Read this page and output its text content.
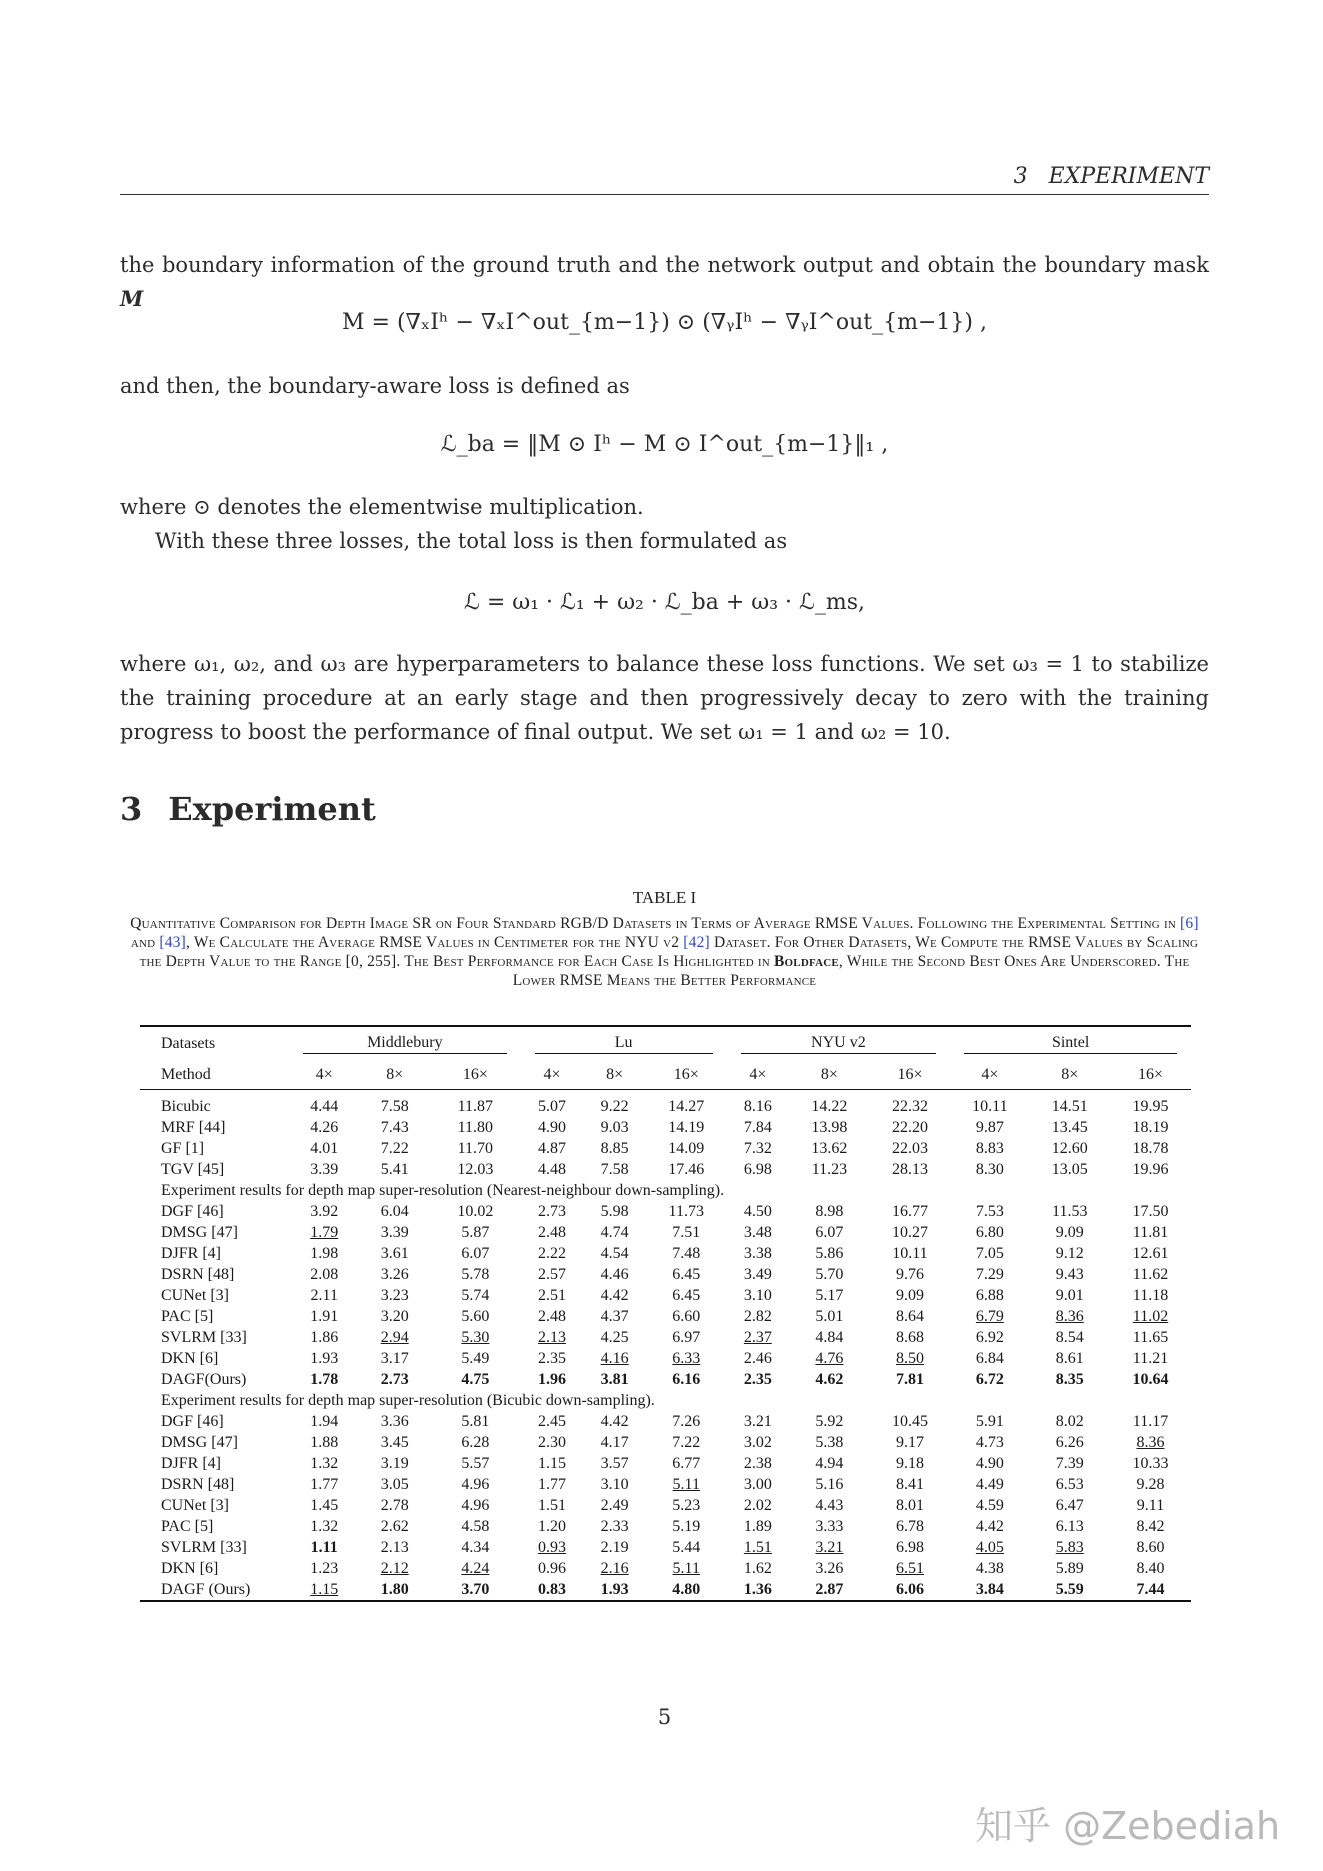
3 EXPERIMENT
the boundary information of the ground truth and the network output and obtain the boundary mask M
M = (∇ₓIʰ − ∇ₓI^out_{m−1}) ⊙ (∇ᵧIʰ − ∇ᵧI^out_{m−1}) ,
and then, the boundary-aware loss is defined as
ℒ_ba = ‖M ⊙ Iʰ − M ⊙ I^out_{m−1}‖₁ ,
where ⊙ denotes the elementwise multiplication.
With these three losses, the total loss is then formulated as
ℒ = ω₁ · ℒ₁ + ω₂ · ℒ_ba + ω₃ · ℒ_ms,
where ω₁, ω₂, and ω₃ are hyperparameters to balance these loss functions. We set ω₃ = 1 to stabilize the training procedure at an early stage and then progressively decay to zero with the training progress to boost the performance of final output. We set ω₁ = 1 and ω₂ = 10.
3 Experiment
TABLE I
Quantitative Comparison for Depth Image SR on Four Standard RGB/D Datasets in Terms of Average RMSE Values. Following the Experimental Setting in [6] and [43], We Calculate the Average RMSE Values in Centimeter for the NYU v2 [42] Dataset. For Other Datasets, We Compute the RMSE Values by Scaling the Depth Value to the Range [0, 255]. The Best Performance for Each Case Is Highlighted in Boldface, While the Second Best Ones Are Underscored. The Lower RMSE Means the Better Performance
Datasets	Middlebury			Lu			NYU v2			Sintel		

Method	4×	8×	16×	4×	8×	16×	4×	8×	16×	4×	8×	16×
Bicubic	4.44	7.58	11.87	5.07	9.22	14.27	8.16	14.22	22.32	10.11	14.51	19.95
MRF [44]	4.26	7.43	11.80	4.90	9.03	14.19	7.84	13.98	22.20	9.87	13.45	18.19
GF [1]	4.01	7.22	11.70	4.87	8.85	14.09	7.32	13.62	22.03	8.83	12.60	18.78
TGV [45]	3.39	5.41	12.03	4.48	7.58	17.46	6.98	11.23	28.13	8.30	13.05	19.96
Experiment results for depth map super-resolution (Nearest-neighbour down-sampling).												
DGF [46]	3.92	6.04	10.02	2.73	5.98	11.73	4.50	8.98	16.77	7.53	11.53	17.50
DMSG [47]	1.79	3.39	5.87	2.48	4.74	7.51	3.48	6.07	10.27	6.80	9.09	11.81
DJFR [4]	1.98	3.61	6.07	2.22	4.54	7.48	3.38	5.86	10.11	7.05	9.12	12.61
DSRN [48]	2.08	3.26	5.78	2.57	4.46	6.45	3.49	5.70	9.76	7.29	9.43	11.62
CUNet [3]	2.11	3.23	5.74	2.51	4.42	6.45	3.10	5.17	9.09	6.88	9.01	11.18
PAC [5]	1.91	3.20	5.60	2.48	4.37	6.60	2.82	5.01	8.64	6.79	8.36	11.02
SVLRM [33]	1.86	2.94	5.30	2.13	4.25	6.97	2.37	4.84	8.68	6.92	8.54	11.65
DKN [6]	1.93	3.17	5.49	2.35	4.16	6.33	2.46	4.76	8.50	6.84	8.61	11.21
DAGF(Ours)	1.78	2.73	4.75	1.96	3.81	6.16	2.35	4.62	7.81	6.72	8.35	10.64
Experiment results for depth map super-resolution (Bicubic down-sampling).												
DGF [46]	1.94	3.36	5.81	2.45	4.42	7.26	3.21	5.92	10.45	5.91	8.02	11.17
DMSG [47]	1.88	3.45	6.28	2.30	4.17	7.22	3.02	5.38	9.17	4.73	6.26	8.36
DJFR [4]	1.32	3.19	5.57	1.15	3.57	6.77	2.38	4.94	9.18	4.90	7.39	10.33
DSRN [48]	1.77	3.05	4.96	1.77	3.10	5.11	3.00	5.16	8.41	4.49	6.53	9.28
CUNet [3]	1.45	2.78	4.96	1.51	2.49	5.23	2.02	4.43	8.01	4.59	6.47	9.11
PAC [5]	1.32	2.62	4.58	1.20	2.33	5.19	1.89	3.33	6.78	4.42	6.13	8.42
SVLRM [33]	1.11	2.13	4.34	0.93	2.19	5.44	1.51	3.21	6.98	4.05	5.83	8.60
DKN [6]	1.23	2.12	4.24	0.96	2.16	5.11	1.62	3.26	6.51	4.38	5.89	8.40
DAGF (Ours)	1.15	1.80	3.70	0.83	1.93	4.80	1.36	2.87	6.06	3.84	5.59	7.44
5
知乎 @Zebediah
